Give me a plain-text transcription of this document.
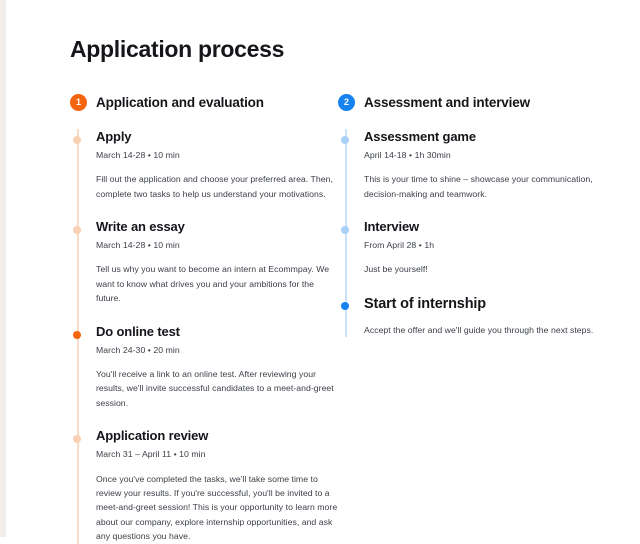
Application process
1	Application and evaluation
Apply
March 14-28 • 10 min

Fill out the application and choose your preferred area. Then, complete two tasks to help us understand your motivations.

Write an essay
March 14-28 • 10 min

Tell us why you want to become an intern at Ecommpay. We want to know what drives you and your ambitions for the future.

Do online test
March 24-30 • 20 min

You'll receive a link to an online test. After reviewing your results, we'll invite successful candidates to a meet-and-greet session.

Application review
March 31 – April 11 • 10 min

Once you've completed the tasks, we'll take some time to review your results. If you're successful, you'll be invited to a meet-and-greet session! This is your opportunity to learn more about our company, explore internship opportunities, and ask any questions you have.

2	Assessment and interview
Assessment game
April 14-18 • 1h 30min

This is your time to shine – showcase your communication, decision-making and teamwork.

Interview
From April 28 • 1h

Just be yourself!

Start of internship

Accept the offer and we'll guide you through the next steps.
